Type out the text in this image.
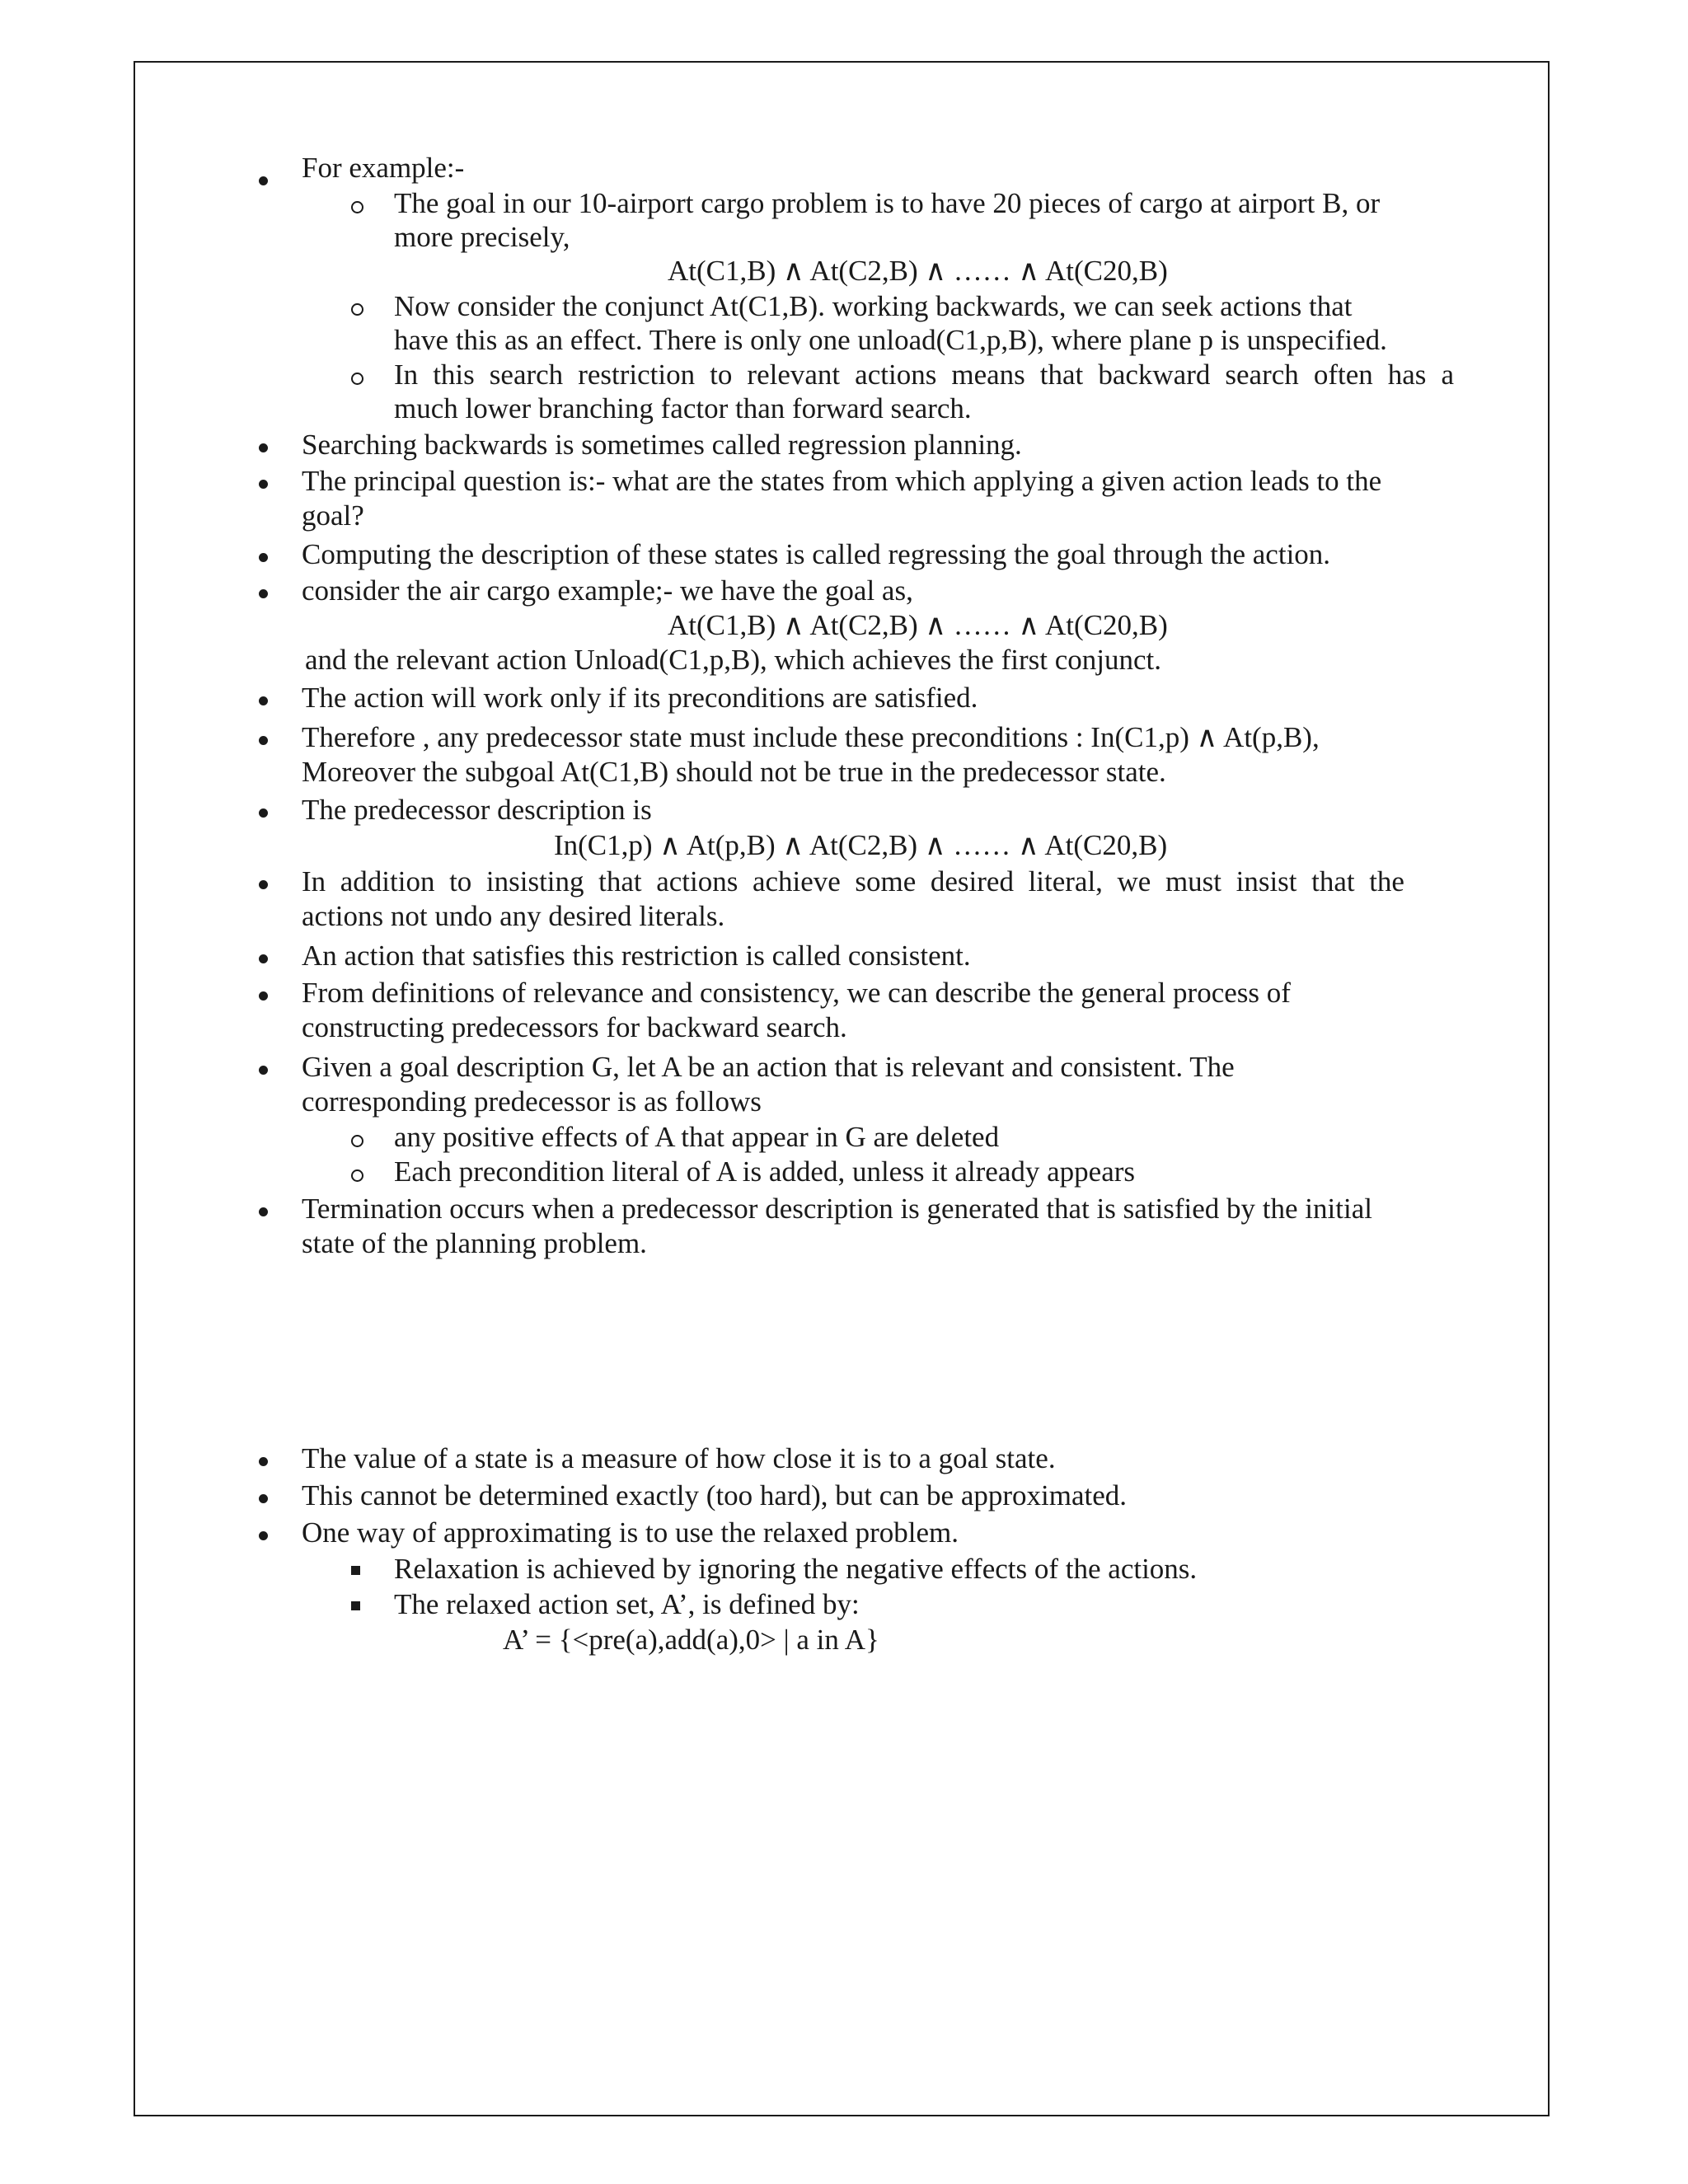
For example:-
The goal in our 10-airport cargo problem is to have 20 pieces of cargo at airport B, or
more precisely,
At(C1,B) ∧ At(C2,B) ∧ …… ∧ At(C20,B)
Now consider the conjunct At(C1,B). working backwards, we can seek actions that
have this as an effect. There is only one unload(C1,p,B), where plane p is unspecified.
In this search restriction to relevant actions means that backward search often has a
much lower branching factor than forward search.
Searching backwards is sometimes called regression planning.
The principal question is:- what are the states from which applying a given action leads to the
goal?
Computing the description of these states is called regressing the goal through the action.
consider the air cargo example;- we have the goal as,
At(C1,B) ∧ At(C2,B) ∧ …… ∧ At(C20,B)
and the relevant action Unload(C1,p,B), which achieves the first conjunct.
The action will work only if its preconditions are satisfied.
Therefore , any predecessor state must include these preconditions : In(C1,p) ∧ At(p,B),
Moreover the subgoal At(C1,B) should not be true in the predecessor state.
The predecessor description is
In(C1,p) ∧ At(p,B) ∧ At(C2,B) ∧ …… ∧ At(C20,B)
In addition to insisting that actions achieve some desired literal, we must insist that the
actions not undo any desired literals.
An action that satisfies this restriction is called consistent.
From definitions of relevance and consistency, we can describe the general process of
constructing predecessors for backward search.
Given a goal description G, let A be an action that is relevant and consistent. The
corresponding predecessor is as follows
any positive effects of A that appear in G are deleted
Each precondition literal of A is added, unless it already appears
Termination occurs when a predecessor description is generated that is satisfied by the initial
state of the planning problem.
The value of a state is a measure of how close it is to a goal state.
This cannot be determined exactly (too hard), but can be approximated.
One way of approximating is to use the relaxed problem.
Relaxation is achieved by ignoring the negative effects of the actions.
The relaxed action set, A’, is defined by:
A’ = {<pre(a),add(a),0> | a in A}
